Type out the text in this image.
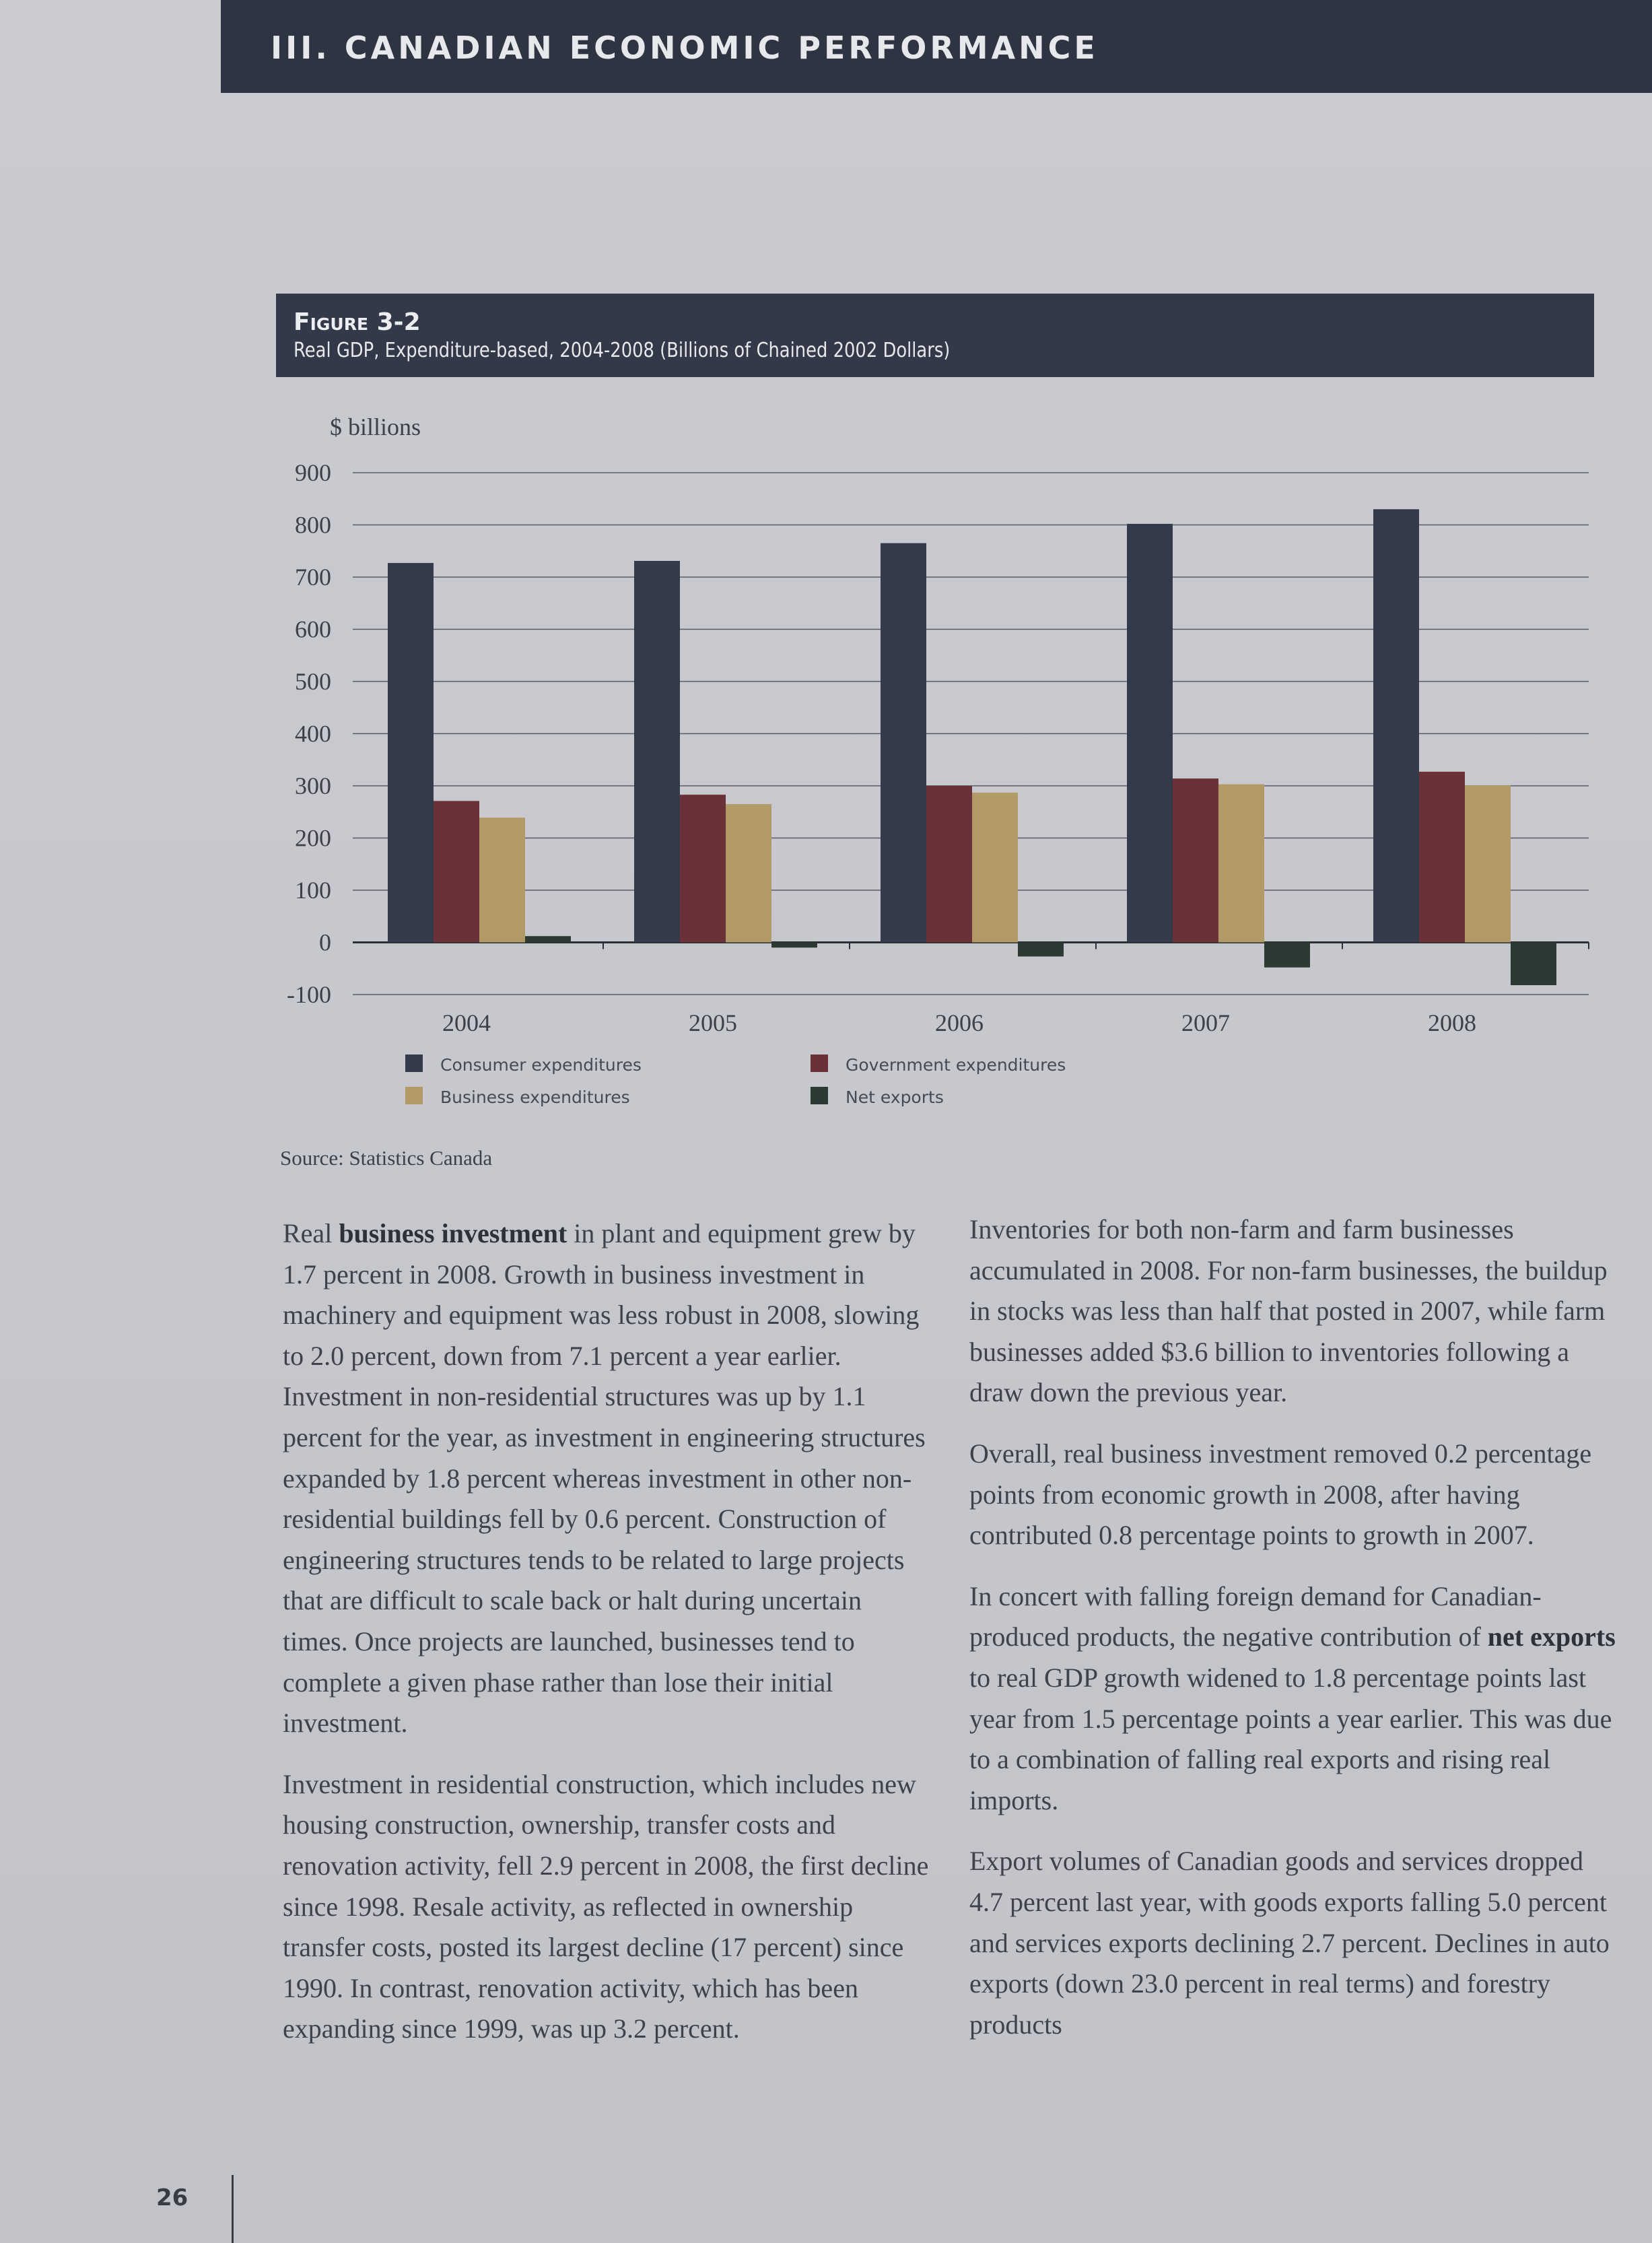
III. CANADIAN ECONOMIC PERFORMANCE
Figure 3-2
Real GDP, Expenditure-based, 2004-2008 (Billions of Chained 2002 Dollars)
$ billions
900
800
700
600
500
400
300
200
100
0
-100
2004	2005	2006	2007	2008
Consumer expenditures	Government expenditures
Business expenditures	Net exports
Source: Statistics Canada

Real business investment in plant and equipment grew by 1.7 percent in 2008. Growth in business investment in machinery and equipment was less robust in 2008, slowing to 2.0 percent, down from 7.1 percent a year earlier. Investment in non-residential structures was up by 1.1 percent for the year, as investment in engineering structures expanded by 1.8 percent whereas investment in other non-residential buildings fell by 0.6 percent. Construction of engineering structures tends to be related to large projects that are difficult to scale back or halt during uncertain times. Once projects are launched, businesses tend to complete a given phase rather than lose their initial investment.

Investment in residential construction, which includes new housing construction, ownership, transfer costs and renovation activity, fell 2.9 percent in 2008, the first decline since 1998. Resale activity, as reflected in ownership transfer costs, posted its largest decline (17 percent) since 1990. In contrast, renovation activity, which has been expanding since 1999, was up 3.2 percent.

Inventories for both non-farm and farm businesses accumulated in 2008. For non-farm businesses, the buildup in stocks was less than half that posted in 2007, while farm businesses added $3.6 billion to inventories following a draw down the previous year.

Overall, real business investment removed 0.2 percentage points from economic growth in 2008, after having contributed 0.8 percentage points to growth in 2007.

In concert with falling foreign demand for Canadian-produced products, the negative contribution of net exports to real GDP growth widened to 1.8 percentage points last year from 1.5 percentage points a year earlier. This was due to a combination of falling real exports and rising real imports.

Export volumes of Canadian goods and services dropped 4.7 percent last year, with goods exports falling 5.0 percent and services exports declining 2.7 percent. Declines in auto exports (down 23.0 percent in real terms) and forestry products

26
